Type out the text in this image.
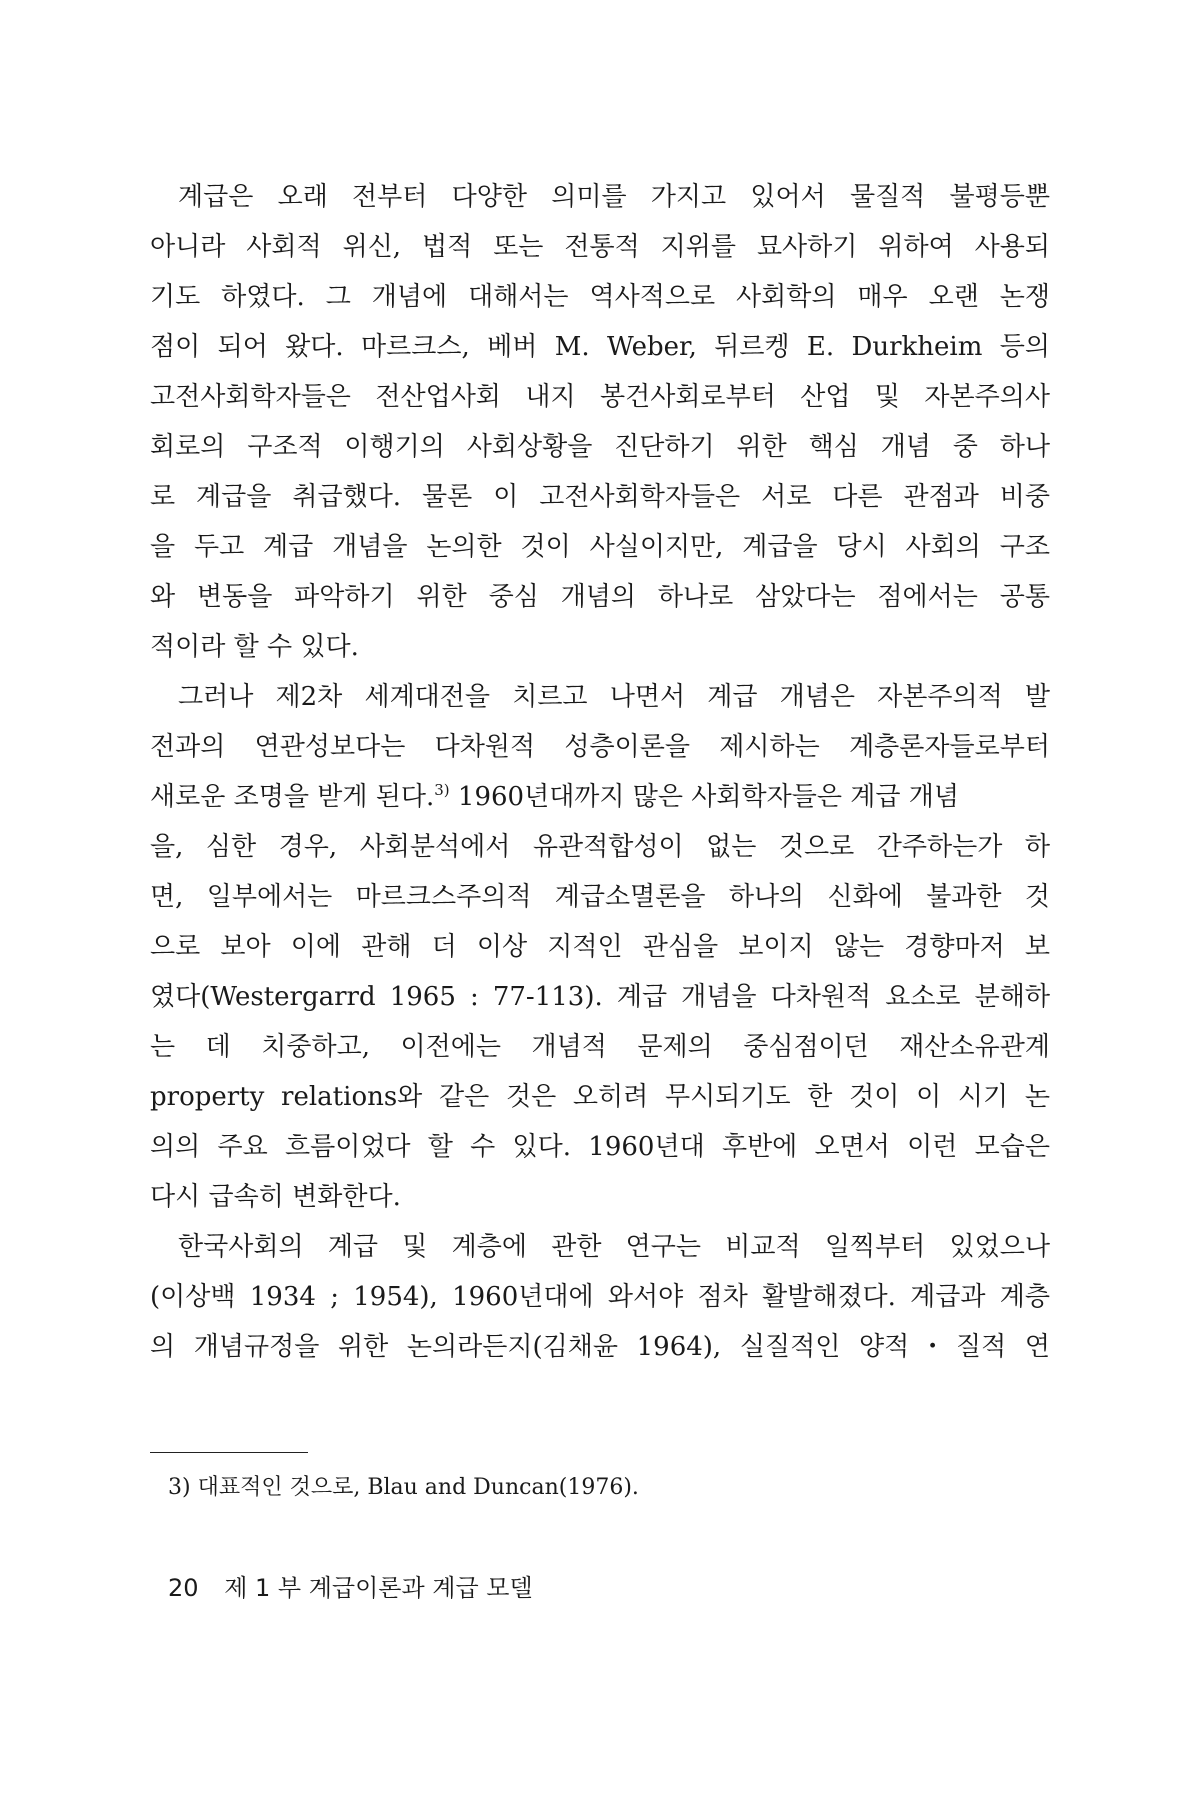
계급은 오래 전부터 다양한 의미를 가지고 있어서 물질적 불평등뿐
아니라 사회적 위신, 법적 또는 전통적 지위를 묘사하기 위하여 사용되
기도 하였다. 그 개념에 대해서는 역사적으로 사회학의 매우 오랜 논쟁
점이 되어 왔다. 마르크스, 베버 M. Weber, 뒤르켕 E. Durkheim 등의
고전사회학자들은 전산업사회 내지 봉건사회로부터 산업 및 자본주의사
회로의 구조적 이행기의 사회상황을 진단하기 위한 핵심 개념 중 하나
로 계급을 취급했다. 물론 이 고전사회학자들은 서로 다른 관점과 비중
을 두고 계급 개념을 논의한 것이 사실이지만, 계급을 당시 사회의 구조
와 변동을 파악하기 위한 중심 개념의 하나로 삼았다는 점에서는 공통
적이라 할 수 있다.
그러나 제2차 세계대전을 치르고 나면서 계급 개념은 자본주의적 발
전과의 연관성보다는 다차원적 성층이론을 제시하는 계층론자들로부터
새로운 조명을 받게 된다.$^{3)}$ 1960년대까지 많은 사회학자들은 계급 개념
을, 심한 경우, 사회분석에서 유관적합성이 없는 것으로 간주하는가 하
면, 일부에서는 마르크스주의적 계급소멸론을 하나의 신화에 불과한 것
으로 보아 이에 관해 더 이상 지적인 관심을 보이지 않는 경향마저 보
였다(Westergarrd 1965 : 77-113). 계급 개념을 다차원적 요소로 분해하
는 데 치중하고, 이전에는 개념적 문제의 중심점이던 재산소유관계
property relations와 같은 것은 오히려 무시되기도 한 것이 이 시기 논
의의 주요 흐름이었다 할 수 있다. 1960년대 후반에 오면서 이런 모습은
다시 급속히 변화한다.
한국사회의 계급 및 계층에 관한 연구는 비교적 일찍부터 있었으나
(이상백 1934 ; 1954), 1960년대에 와서야 점차 활발해졌다. 계급과 계층
의 개념규정을 위한 논의라든지(김채윤 1964), 실질적인 양적・질적 연
3) 대표적인 것으로, Blau and Duncan(1976).
20 제 1 부 계급이론과 계급 모델
